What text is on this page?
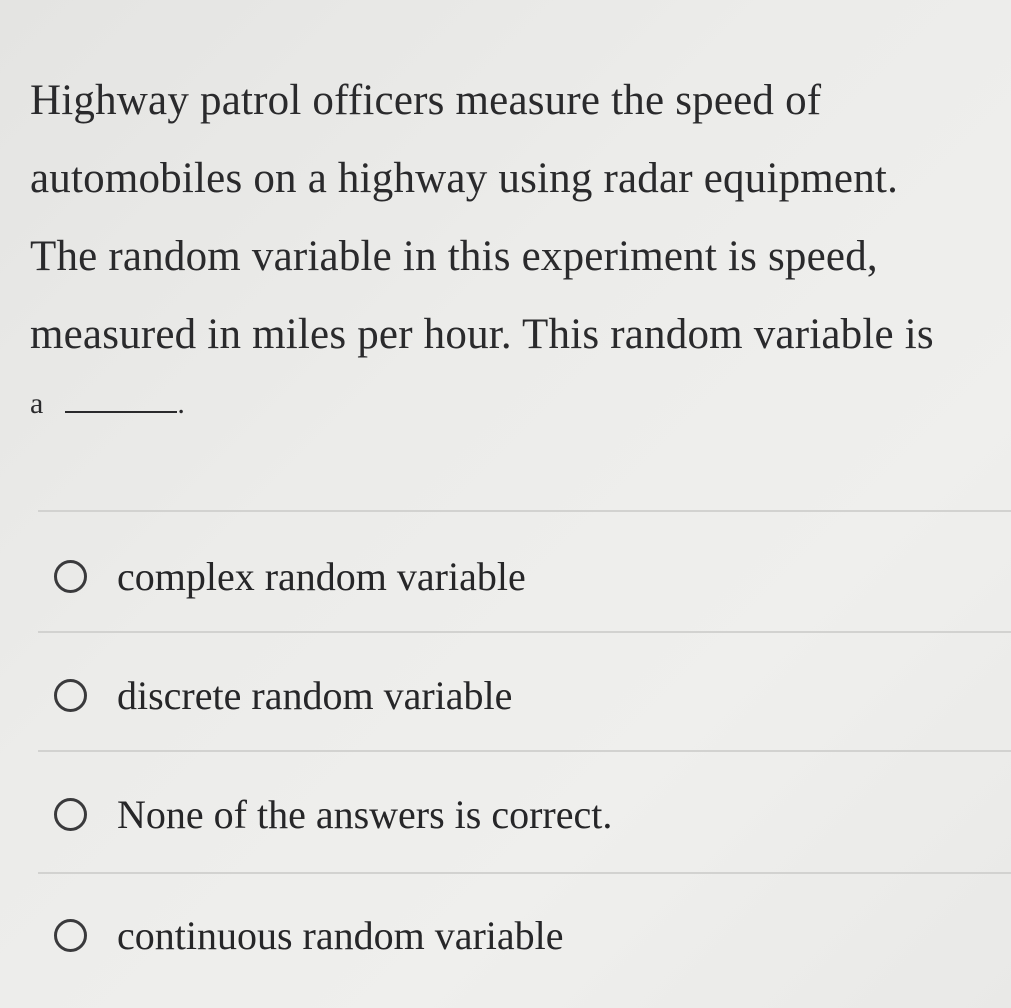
Highway patrol officers measure the speed of
automobiles on a highway using radar equipment.
The random variable in this experiment is speed,
measured in miles per hour. This random variable is
a	.
complex random variable
discrete random variable
None of the answers is correct.
continuous random variable
